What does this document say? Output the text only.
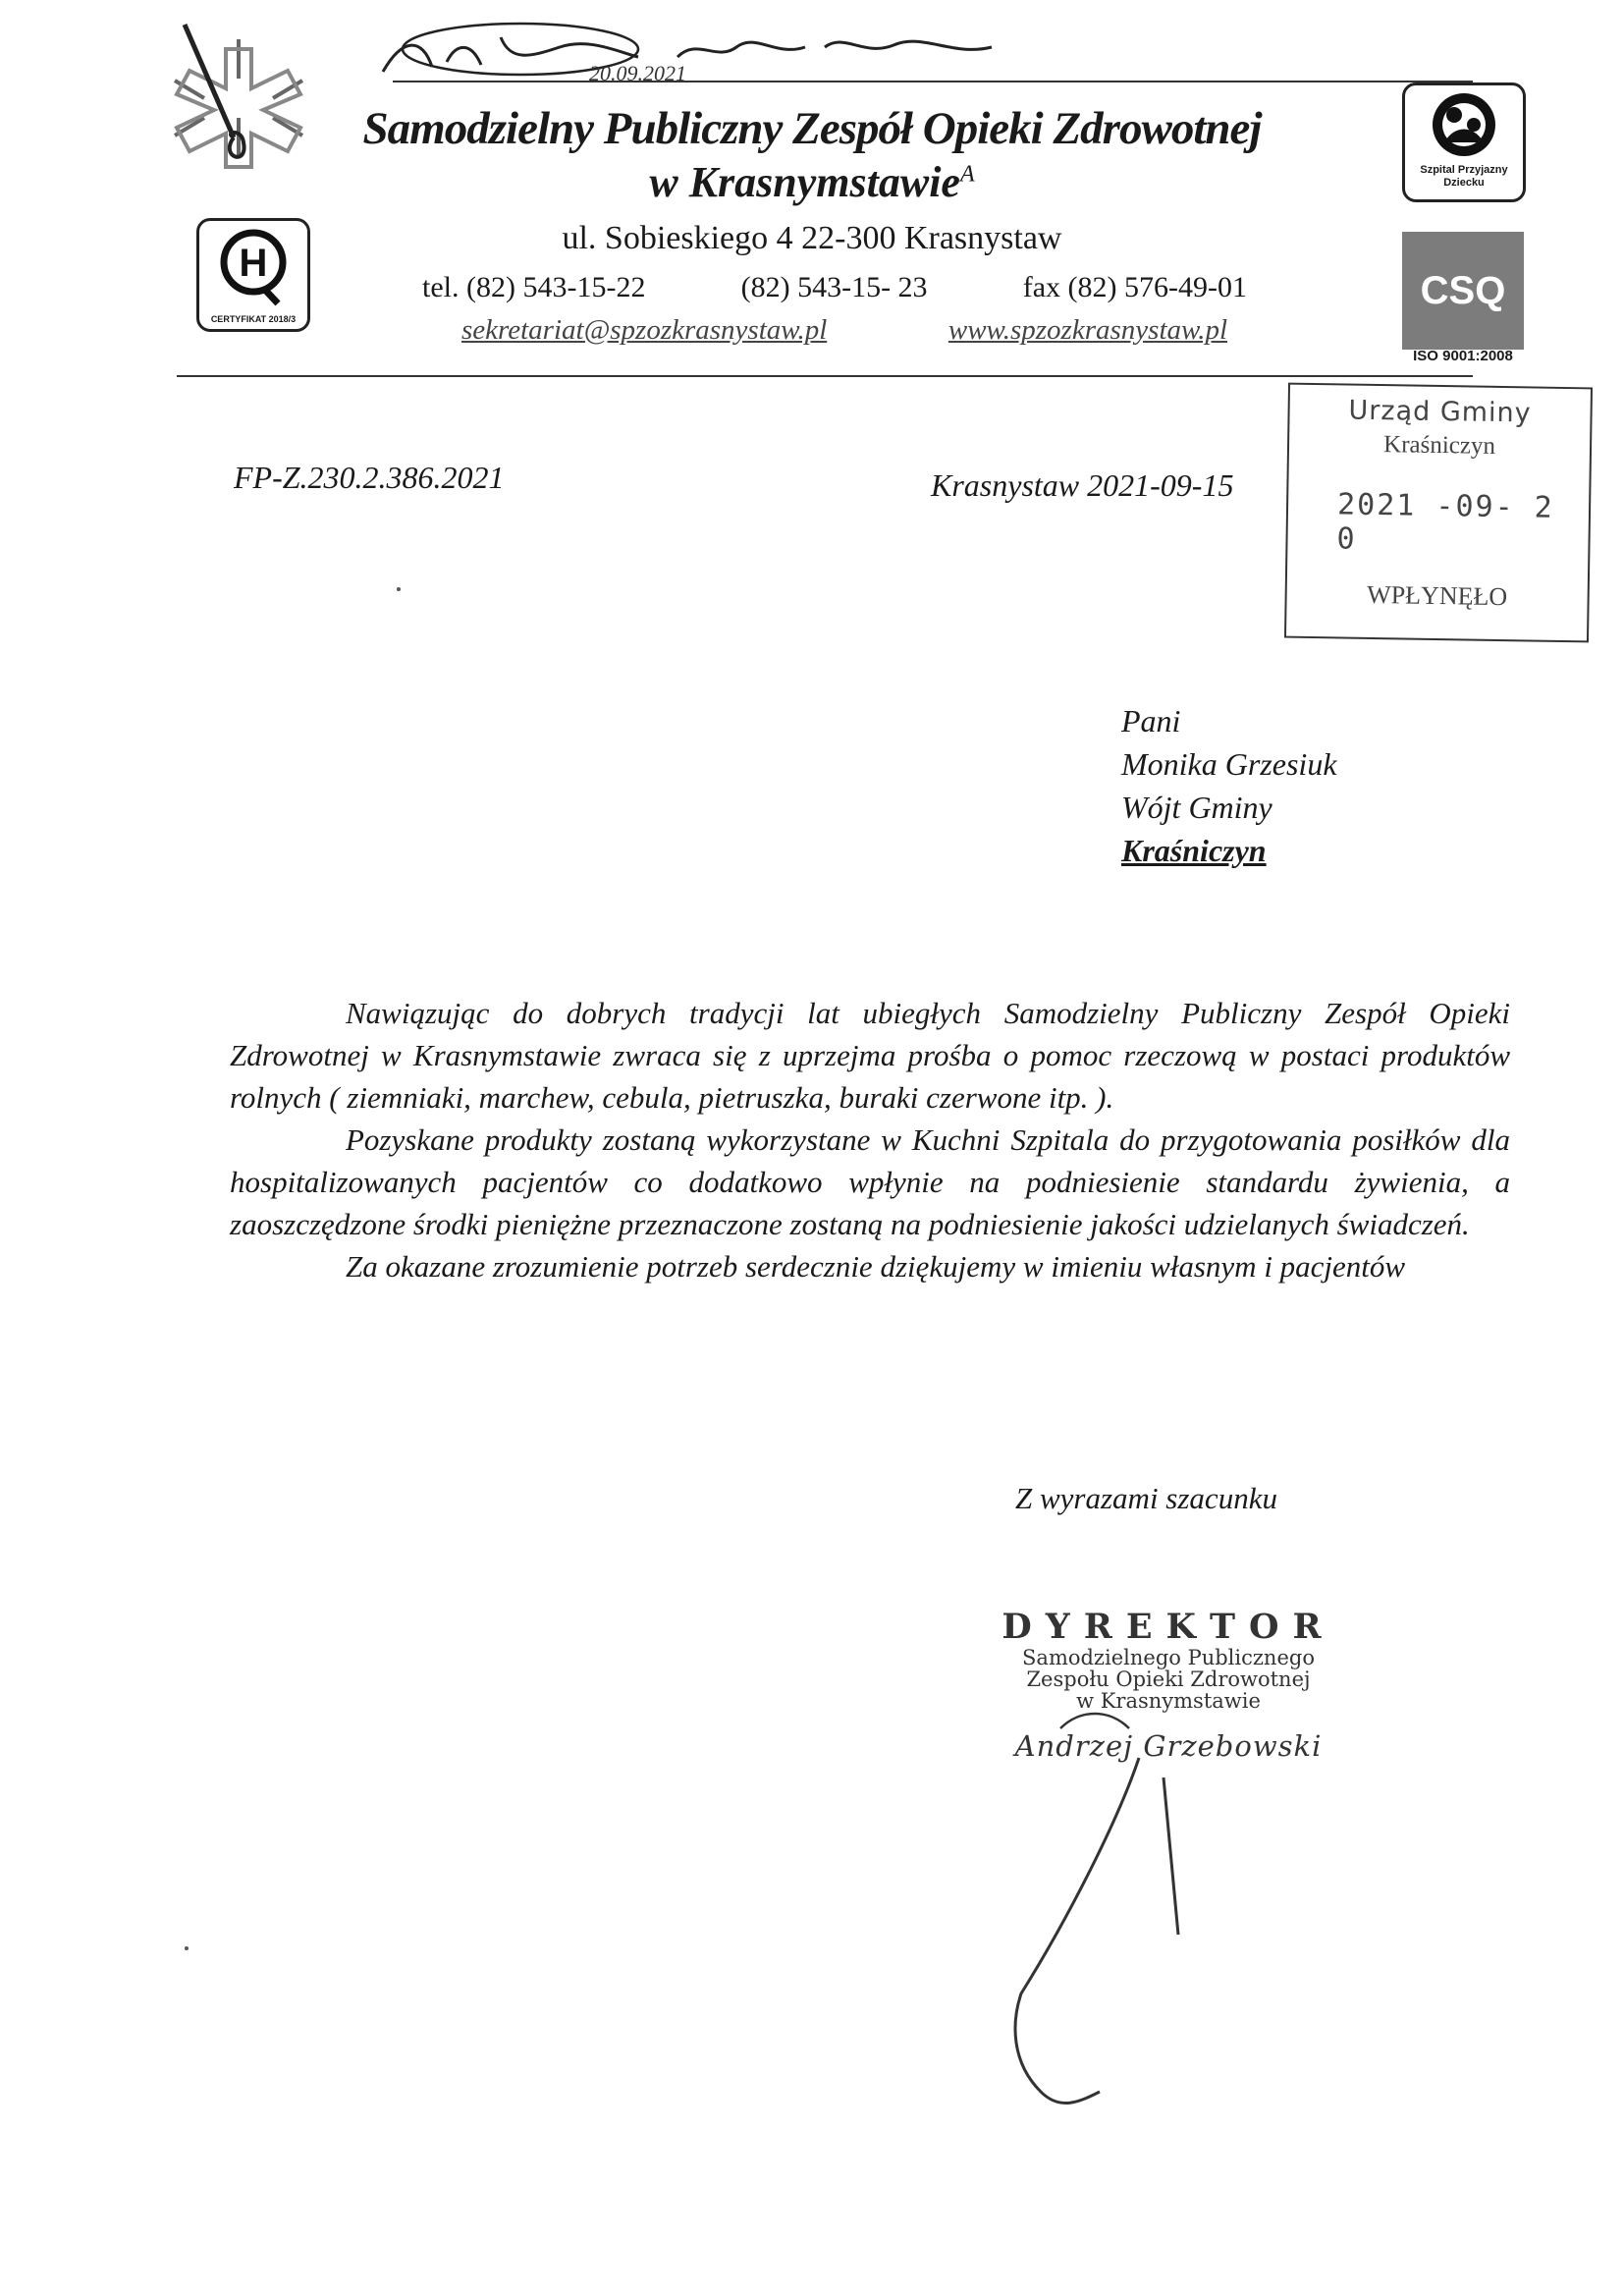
20.09.2021
H
CERTYFIKAT 2018/3
Samodzielny Publiczny Zespół Opieki Zdrowotnej
w Krasnymstawie$^A$
ul. Sobieskiego 4 22-300 Krasnystaw
tel. (82) 543-15-22	(82) 543-15- 23	fax (82) 576-49-01
sekretariat@spzozkrasnystaw.pl	www.spzozkrasnystaw.pl
Szpital Przyjazny Dziecku
CSQ
ISO 9001:2008
Urząd Gminy
Kraśniczyn
2021 -09- 2 0
WPŁYNĘŁO
FP-Z.230.2.386.2021	Krasnystaw 2021-09-15
Pani
Monika Grzesiuk
Wójt Gminy
Kraśniczyn

Nawiązując do dobrych tradycji lat ubiegłych Samodzielny Publiczny Zespół Opieki Zdrowotnej w Krasnymstawie zwraca się z uprzejma prośba o pomoc rzeczową w postaci produktów rolnych ( ziemniaki, marchew, cebula, pietruszka, buraki czerwone itp. ).

Pozyskane produkty zostaną wykorzystane w Kuchni Szpitala do przygotowania posiłków dla hospitalizowanych pacjentów co dodatkowo wpłynie na podniesienie standardu żywienia, a zaoszczędzone środki pieniężne przeznaczone zostaną na podniesienie jakości udzielanych świadczeń.

Za okazane zrozumienie potrzeb serdecznie dziękujemy w imieniu własnym i pacjentów

Z wyrazami szacunku
DYREKTOR
Samodzielnego Publicznego
Zespołu Opieki Zdrowotnej
w Krasnymstawie
Andrzej Grzebowski
